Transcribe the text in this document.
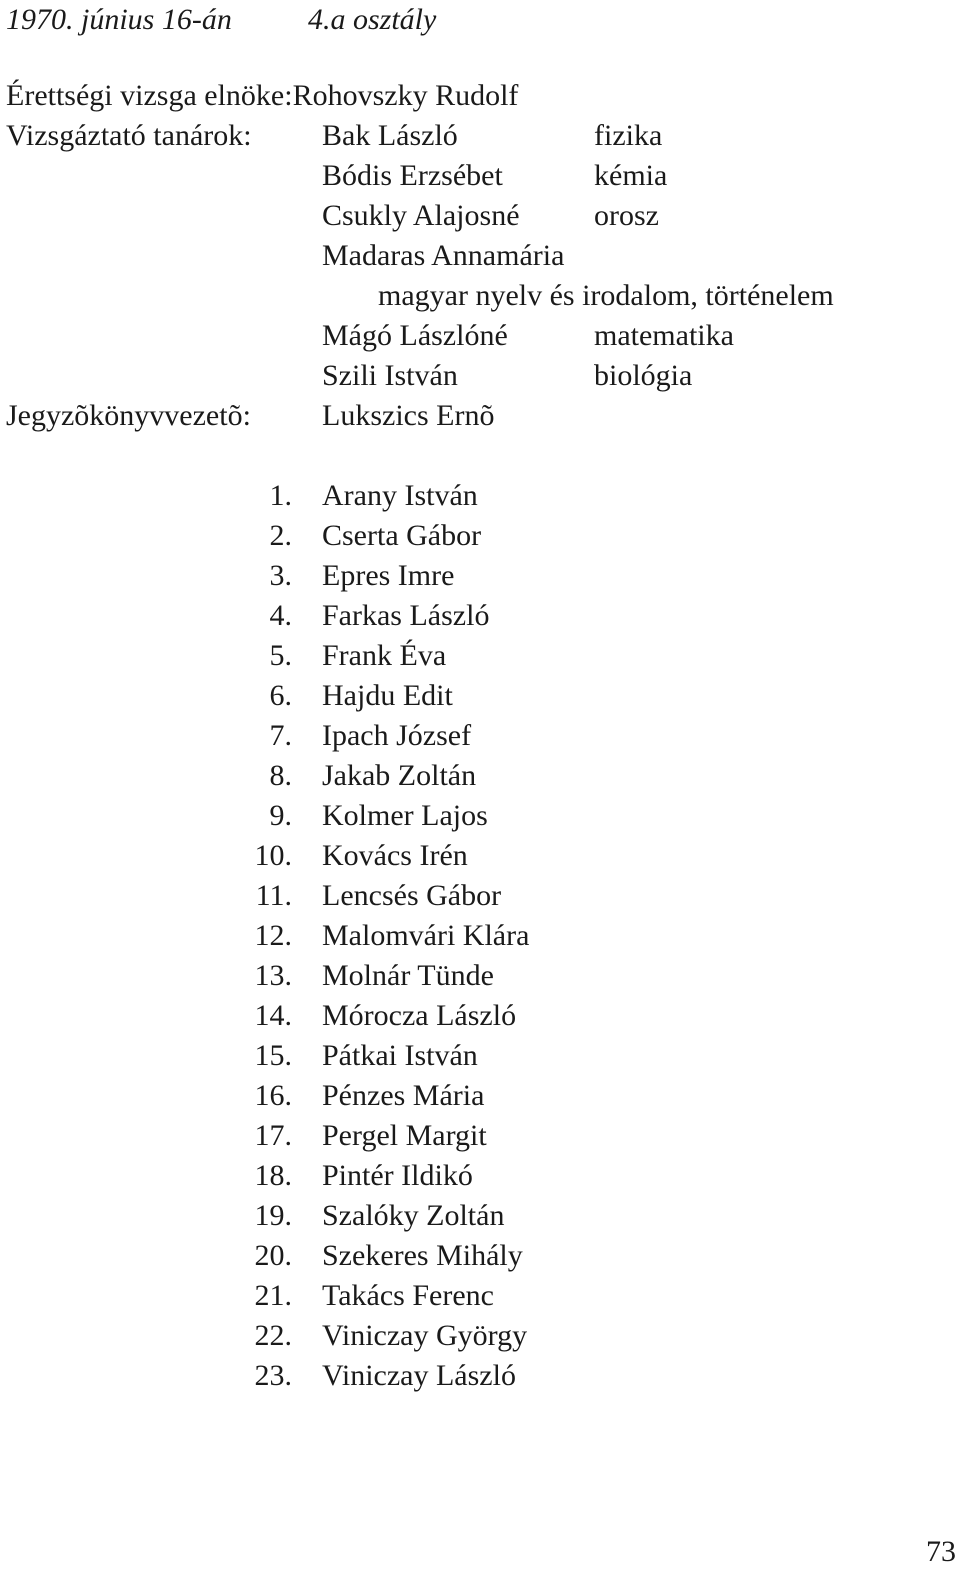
1970. június 16-án	4.a osztály
Érettségi vizsga elnöke:Rohovszky Rudolf
Vizsgáztató tanárok: Bak László	fizika
Bódis Erzsébet	kémia
Csukly Alajosné orosz
Madaras Annamária
magyar nyelv és irodalom, történelem
Mágó Lászlóné	matematika
Szili István	biológia
Jegyzõkönyvvezetõ: Lukszics Ernõ
1. Arany István
2. Cserta Gábor
3. Epres Imre
4. Farkas László
5. Frank Éva
6. Hajdu Edit
7. Ipach József
8. Jakab Zoltán
9. Kolmer Lajos
10. Kovács Irén
11. Lencsés Gábor
12. Malomvári Klára
13. Molnár Tünde
14. Mórocza László
15. Pátkai István
16. Pénzes Mária
17. Pergel Margit
18. Pintér Ildikó
19. Szalóky Zoltán
20. Szekeres Mihály
21. Takács Ferenc
22. Viniczay György
23. Viniczay László
73
